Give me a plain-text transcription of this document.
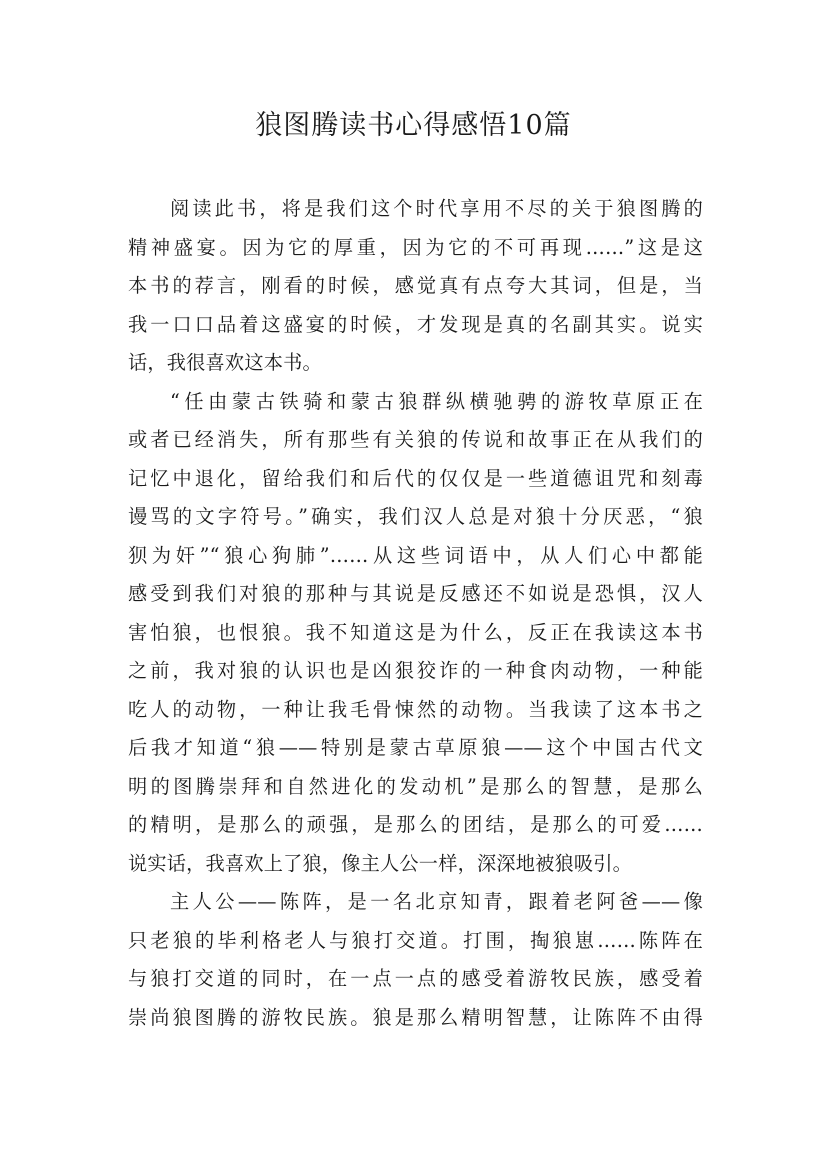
狼图腾读书心得感悟10篇
阅读此书，将是我们这个时代享用不尽的关于狼图腾的
精神盛宴。因为它的厚重，因为它的不可再现……”这是这
本书的荐言，刚看的时候，感觉真有点夸大其词，但是，当
我一口口品着这盛宴的时候，才发现是真的名副其实。说实
话，我很喜欢这本书。
“任由蒙古铁骑和蒙古狼群纵横驰骋的游牧草原正在
或者已经消失，所有那些有关狼的传说和故事正在从我们的
记忆中退化，留给我们和后代的仅仅是一些道德诅咒和刻毒
谩骂的文字符号。”确实，我们汉人总是对狼十分厌恶，“狼
狈为奸”“狼心狗肺”……从这些词语中，从人们心中都能
感受到我们对狼的那种与其说是反感还不如说是恐惧，汉人
害怕狼，也恨狼。我不知道这是为什么，反正在我读这本书
之前，我对狼的认识也是凶狠狡诈的一种食肉动物，一种能
吃人的动物，一种让我毛骨悚然的动物。当我读了这本书之
后我才知道“狼——特别是蒙古草原狼——这个中国古代文
明的图腾崇拜和自然进化的发动机”是那么的智慧，是那么
的精明，是那么的顽强，是那么的团结，是那么的可爱……
说实话，我喜欢上了狼，像主人公一样，深深地被狼吸引。
主人公——陈阵，是一名北京知青，跟着老阿爸——像
只老狼的毕利格老人与狼打交道。打围，掏狼崽……陈阵在
与狼打交道的同时，在一点一点的感受着游牧民族，感受着
崇尚狼图腾的游牧民族。狼是那么精明智慧，让陈阵不由得
